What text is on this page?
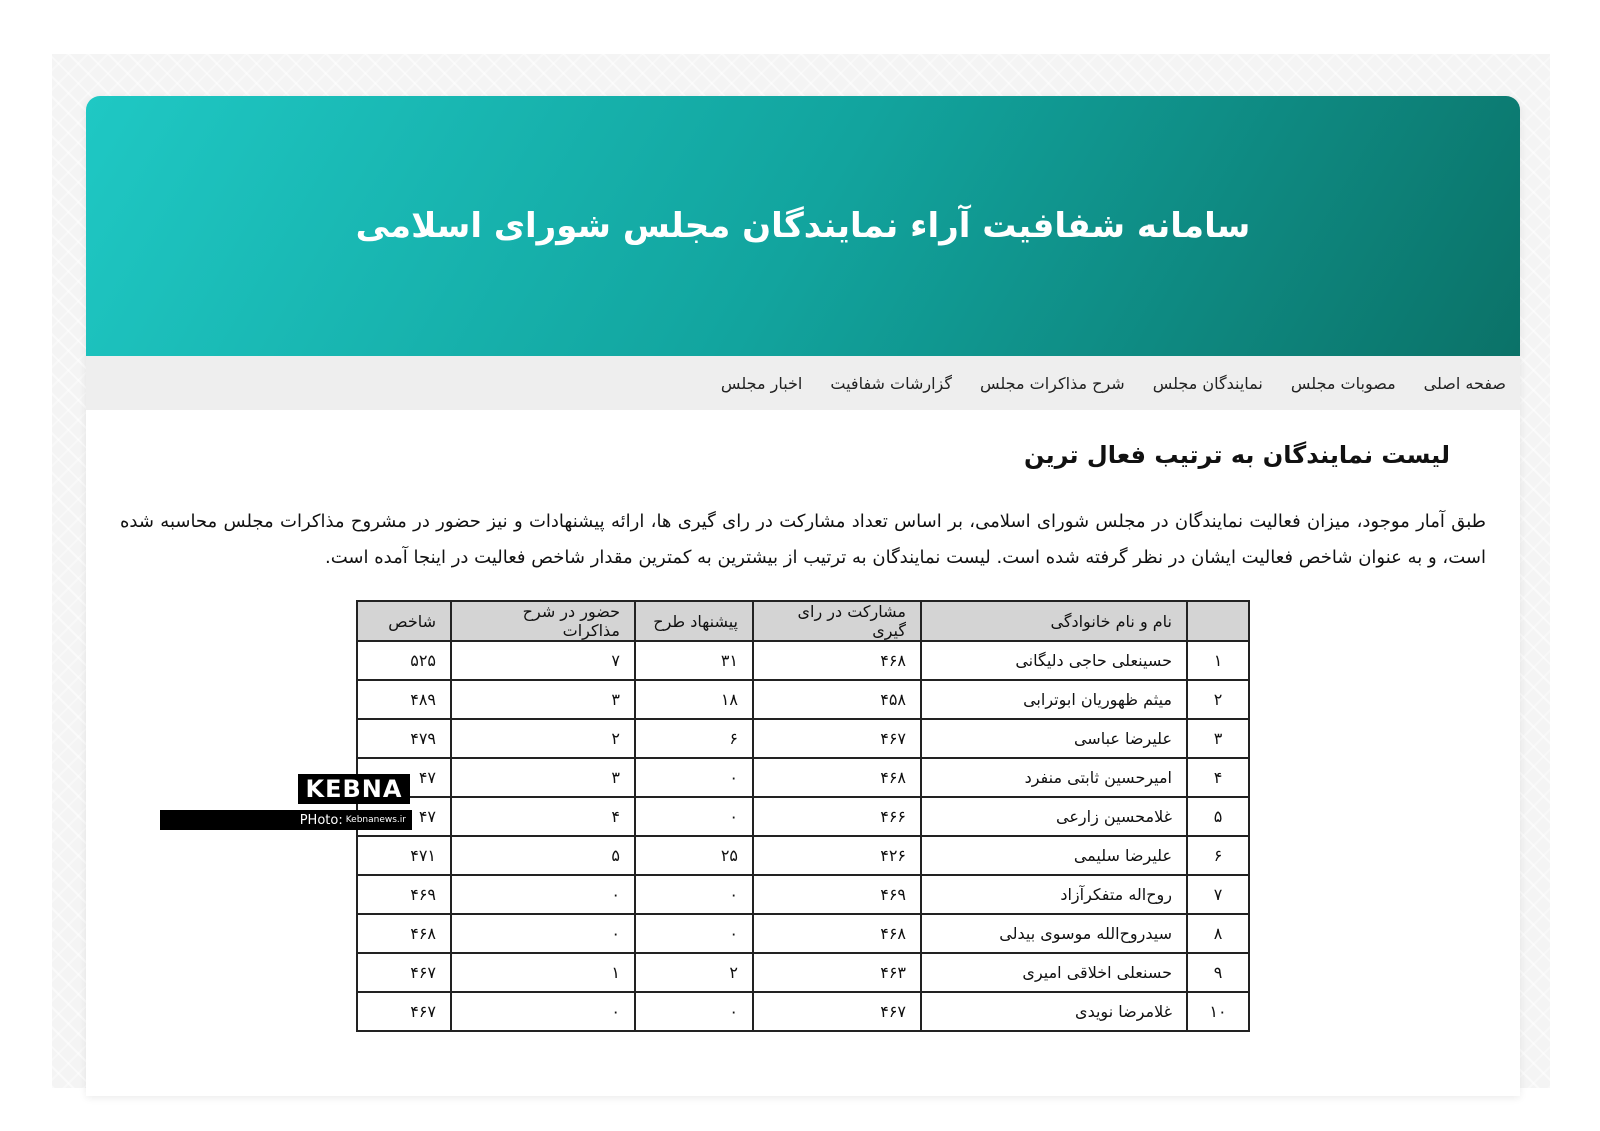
سامانه شفافیت آراء نمایندگان مجلس شورای اسلامی
صفحه اصلی
مصوبات مجلس
نمایندگان مجلس
شرح مذاکرات مجلس
گزارشات شفافیت
اخبار مجلس
لیست نمایندگان به ترتیب فعال ترین

طبق آمار موجود، میزان فعالیت نمایندگان در مجلس شورای اسلامی، بر اساس تعداد مشارکت در رای گیری ها، ارائه پیشنهادات و نیز حضور در مشروح مذاکرات مجلس محاسبه شده است، و به عنوان شاخص فعالیت ایشان در نظر گرفته شده است. لیست نمایندگان به ترتیب از بیشترین به کمترین مقدار شاخص فعالیت در اینجا آمده است.

	نام و نام خانوادگی	مشارکت در رای گیری	پیشنهاد طرح	حضور در شرح مذاکرات	شاخص
۱	حسینعلی حاجی دلیگانی	۴۶۸	۳۱	۷	۵۲۵
۲	میثم ظهوریان ابوترابی	۴۵۸	۱۸	۳	۴۸۹
۳	علیرضا عباسی	۴۶۷	۶	۲	۴۷۹
۴	امیرحسین ثابتی منفرد	۴۶۸	۰	۳	۴۷
۵	غلامحسین زارعی	۴۶۶	۰	۴	۴۷
۶	علیرضا سلیمی	۴۲۶	۲۵	۵	۴۷۱
۷	روح‌اله متفکرآزاد	۴۶۹	۰	۰	۴۶۹
۸	سیدروح‌الله موسوی بیدلی	۴۶۸	۰	۰	۴۶۸
۹	حسنعلی اخلاقی امیری	۴۶۳	۲	۱	۴۶۷
۱۰	غلامرضا نویدی	۴۶۷	۰	۰	۴۶۷
KEBNA
PHoto: Kebnanews.ir
